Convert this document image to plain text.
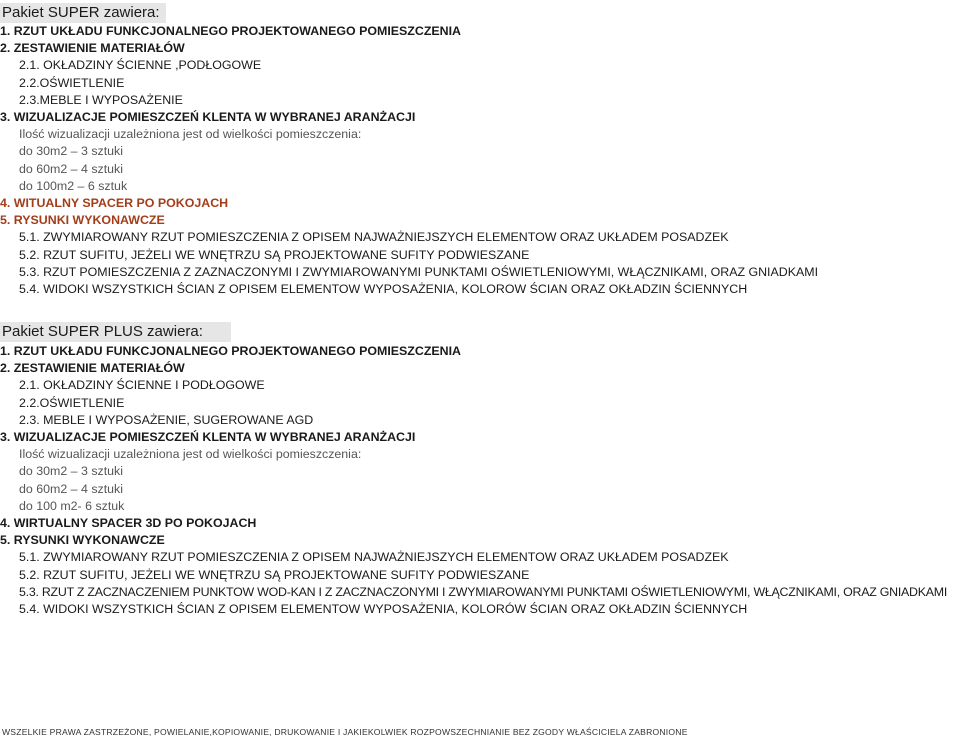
Pakiet SUPER zawiera:
1. RZUT UKŁADU FUNKCJONALNEGO PROJEKTOWANEGO POMIESZCZENIA
2. ZESTAWIENIE MATERIAŁÓW
2.1. OKŁADZINY ŚCIENNE ,PODŁOGOWE
2.2.OŚWIETLENIE
2.3.MEBLE I WYPOSAŻENIE
3. WIZUALIZACJE POMIESZCZEŃ KLENTA W WYBRANEJ ARANŻACJI
Ilość wizualizacji uzależniona jest od wielkości pomieszczenia:
do 30m2 – 3 sztuki
do 60m2 – 4 sztuki
do 100m2 – 6 sztuk
4. WITUALNY SPACER PO POKOJACH
5. RYSUNKI WYKONAWCZE
5.1. ZWYMIAROWANY RZUT POMIESZCZENIA Z OPISEM NAJWAŻNIEJSZYCH ELEMENTOW ORAZ UKŁADEM POSADZEK
5.2. RZUT SUFITU, JEŻELI WE WNĘTRZU SĄ PROJEKTOWANE SUFITY PODWIESZANE
5.3. RZUT POMIESZCZENIA Z ZAZNACZONYMI I ZWYMIAROWANYMI PUNKTAMI OŚWIETLENIOWYMI, WŁĄCZNIKAMI, ORAZ GNIADKAMI
5.4. WIDOKI WSZYSTKICH ŚCIAN Z OPISEM ELEMENTOW WYPOSAŻENIA, KOLOROW ŚCIAN ORAZ OKŁADZIN ŚCIENNYCH
Pakiet SUPER PLUS zawiera:
1. RZUT UKŁADU FUNKCJONALNEGO PROJEKTOWANEGO POMIESZCZENIA
2. ZESTAWIENIE MATERIAŁÓW
2.1. OKŁADZINY ŚCIENNE I PODŁOGOWE
2.2.OŚWIETLENIE
2.3. MEBLE I WYPOSAŻENIE, SUGEROWANE AGD
3. WIZUALIZACJE POMIESZCZEŃ KLENTA W WYBRANEJ ARANŻACJI
Ilość wizualizacji uzależniona jest od wielkości pomieszczenia:
do 30m2 – 3 sztuki
do 60m2 – 4 sztuki
do 100 m2- 6 sztuk
4. WIRTUALNY SPACER 3D PO POKOJACH
5. RYSUNKI WYKONAWCZE
5.1. ZWYMIAROWANY RZUT POMIESZCZENIA Z OPISEM NAJWAŻNIEJSZYCH ELEMENTOW ORAZ UKŁADEM POSADZEK
5.2. RZUT SUFITU, JEŻELI WE WNĘTRZU SĄ PROJEKTOWANE SUFITY PODWIESZANE
5.3. RZUT Z ZACZNACZENIEM PUNKTOW WOD-KAN I Z ZACZNACZONYMI I ZWYMIAROWANYMI PUNKTAMI OŚWIETLENIOWYMI, WŁĄCZNIKAMI, ORAZ GNIADKAMI
5.4. WIDOKI WSZYSTKICH ŚCIAN Z OPISEM ELEMENTOW WYPOSAŻENIA, KOLORÓW ŚCIAN ORAZ OKŁADZIN ŚCIENNYCH
WSZELKIE PRAWA ZASTRZEŻONE, POWIELANIE,KOPIOWANIE, DRUKOWANIE I JAKIEKOLWIEK ROZPOWSZECHNIANIE BEZ ZGODY WŁAŚCICIELA ZABRONIONE
